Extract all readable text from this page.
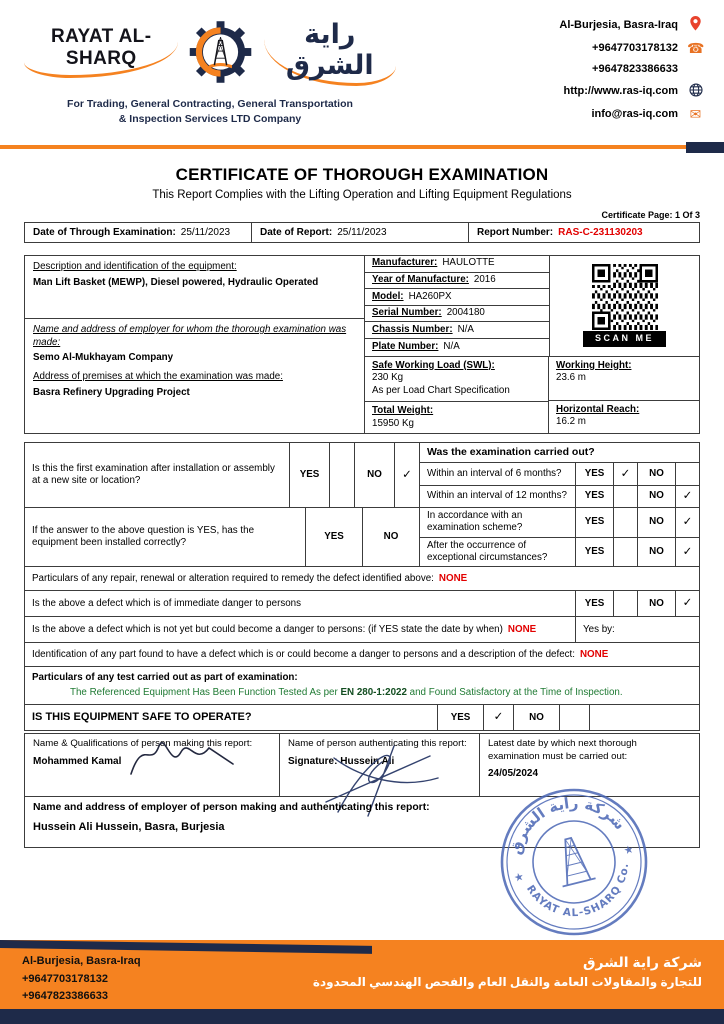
RAYAT AL-SHARQ
راية الشرق
For Trading, General Contracting, General Transportation
& Inspection Services LTD Company
Al-Burjesia, Basra-Iraq
+9647703178132 ☎
+9647823386633
http://www.ras-iq.com
info@ras-iq.com ✉
CERTIFICATE OF THOROUGH EXAMINATION
This Report Complies with the Lifting Operation and Lifting Equipment Regulations
Certificate Page: 1 Of 3
Date of Through Examination: 25/11/2023	Date of Report: 25/11/2023	Report Number: RAS-C-231130203
Description and identification of the equipment:
Man Lift Basket (MEWP), Diesel powered, Hydraulic Operated
Name and address of employer for whom the thorough examination was made:
Semo Al-Mukhayam Company
Address of premises at which the examination was made:
Basra Refinery Upgrading Project
Manufacturer: HAULOTTE
Year of Manufacture: 2016
Model: HA260PX
Serial Number: 2004180
Chassis Number: N/A
Plate Number: N/A
SCAN ME
Safe Working Load (SWL):
230 Kg
As per Load Chart Specification
Total Weight:
15950 Kg
Working Height:
23.6 m
Horizontal Reach:
16.2 m
Is this the first examination after installation or assembly at a new site or location?
YES	NO	✓
Was the examination carried out?
Within an interval of 6 months?	YES	✓	NO
Within an interval of 12 months?	YES	NO	✓
If the answer to the above question is YES, has the equipment been installed correctly?
YES	NO
In accordance with an examination scheme?
YES	NO	✓
After the occurrence of exceptional circumstances?
YES	NO	✓
Particulars of any repair, renewal or alteration required to remedy the defect identified above: NONE
Is the above a defect which is of immediate danger to persons	YES	NO	✓
Is the above a defect which is not yet but could become a danger to persons: (if YES state the date by when) NONE	Yes by:
Identification of any part found to have a defect which is or could become a danger to persons and a description of the defect: NONE
Particulars of any test carried out as part of examination:
The Referenced Equipment Has Been Function Tested As per EN 280-1:2022 and Found Satisfactory at the Time of Inspection.
IS THIS EQUIPMENT SAFE TO OPERATE?	YES	✓	NO
Name & Qualifications of person making this report:
Mohammed Kamal
Name of person authenticating this report:
Signature: Hussein Ali
Latest date by which next thorough examination must be carried out:
24/05/2024
Name and address of employer of person making and authenticating this report:
Hussein Ali Hussein, Basra, Burjesia
شركة راية الشرق
RAYAT AL-SHARQ Co.
★
★
Al-Burjesia, Basra-Iraq
+9647703178132
+9647823386633
شركة راية الشرق
للتجارة والمقاولات العامة والنقل العام والفحص الهندسي المحدودة
